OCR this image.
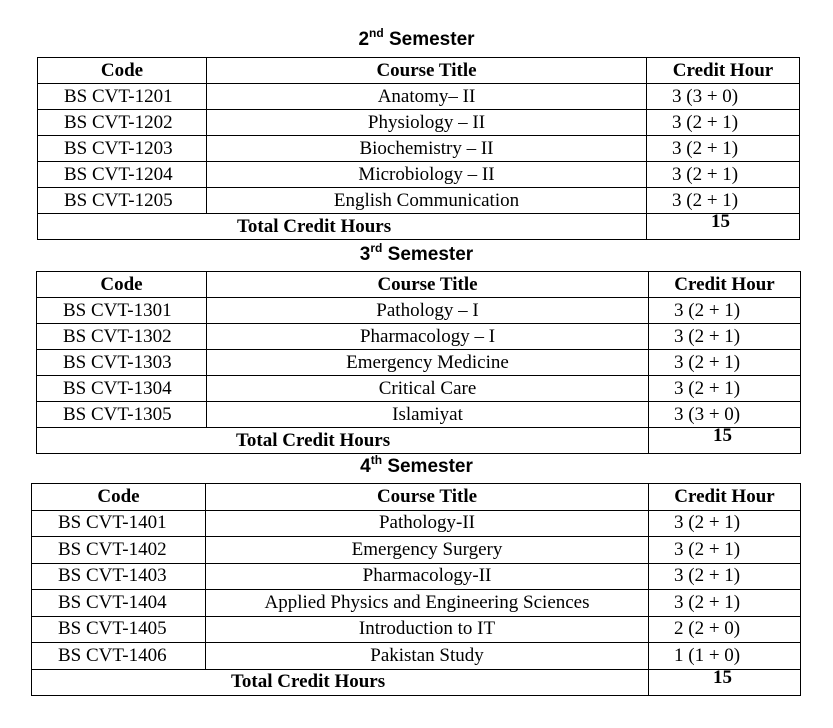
2nd Semester
Code	Course Title	Credit Hour
BS CVT-1201	Anatomy– II	3 (3 + 0)
BS CVT-1202	Physiology – II	3 (2 + 1)
BS CVT-1203	Biochemistry – II	3 (2 + 1)
BS CVT-1204	Microbiology – II	3 (2 + 1)
BS CVT-1205	English Communication	3 (2 + 1)
Total Credit Hours		15
3rd Semester
Code	Course Title	Credit Hour
BS CVT-1301	Pathology – I	3 (2 + 1)
BS CVT-1302	Pharmacology – I	3 (2 + 1)
BS CVT-1303	Emergency Medicine	3 (2 + 1)
BS CVT-1304	Critical Care	3 (2 + 1)
BS CVT-1305	Islamiyat	3 (3 + 0)
Total Credit Hours		15
4th Semester
Code	Course Title	Credit Hour
BS CVT-1401	Pathology-II	3 (2 + 1)
BS CVT-1402	Emergency Surgery	3 (2 + 1)
BS CVT-1403	Pharmacology-II	3 (2 + 1)
BS CVT-1404	Applied Physics and Engineering Sciences	3 (2 + 1)
BS CVT-1405	Introduction to IT	2 (2 + 0)
BS CVT-1406	Pakistan Study	1 (1 + 0)
Total Credit Hours		15
